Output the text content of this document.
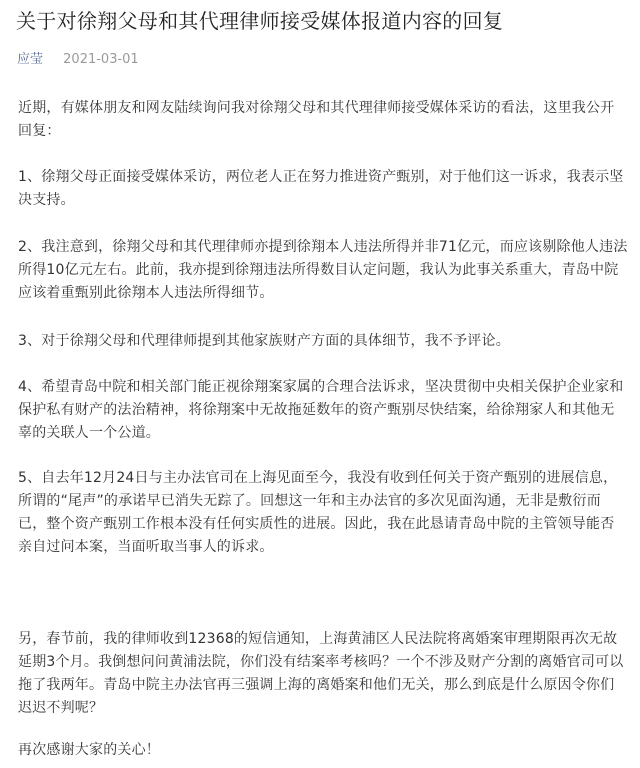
关于对徐翔父母和其代理律师接受媒体报道内容的回复
应莹 2021-03-01

近期，有媒体朋友和网友陆续询问我对徐翔父母和其代理律师接受媒体采访的看法，这里我公开回复：

1、徐翔父母正面接受媒体采访，两位老人正在努力推进资产甄别，对于他们这一诉求，我表示坚决支持。

2、我注意到，徐翔父母和其代理律师亦提到徐翔本人违法所得并非71亿元，而应该剔除他人违法所得10亿元左右。此前，我亦提到徐翔违法所得数目认定问题，我认为此事关系重大，青岛中院应该着重甄别此徐翔本人违法所得细节。

3、对于徐翔父母和代理律师提到其他家族财产方面的具体细节，我不予评论。

4、希望青岛中院和相关部门能正视徐翔案家属的合理合法诉求，坚决贯彻中央相关保护企业家和保护私有财产的法治精神，将徐翔案中无故拖延数年的资产甄别尽快结案，给徐翔家人和其他无辜的关联人一个公道。

5、自去年12月24日与主办法官司在上海见面至今，我没有收到任何关于资产甄别的进展信息，所谓的“尾声”的承诺早已消失无踪了。回想这一年和主办法官的多次见面沟通，无非是敷衍而已，整个资产甄别工作根本没有任何实质性的进展。因此，我在此恳请青岛中院的主管领导能否亲自过问本案，当面听取当事人的诉求。

另，春节前，我的律师收到12368的短信通知，上海黄浦区人民法院将离婚案审理期限再次无故延期3个月。我倒想问问黄浦法院，你们没有结案率考核吗？一个不涉及财产分割的离婚官司可以拖了我两年。青岛中院主办法官再三强调上海的离婚案和他们无关，那么到底是什么原因令你们迟迟不判呢？

再次感谢大家的关心！
